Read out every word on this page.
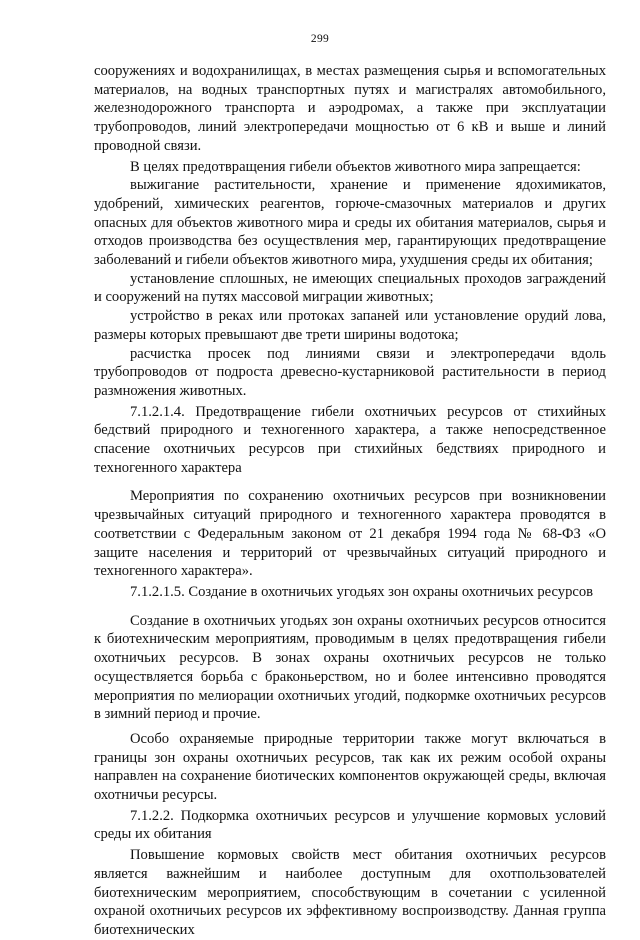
299

сооружениях и водохранилищах, в местах размещения сырья и вспомогательных материалов, на водных транспортных путях и магистралях автомобильного, железнодорожного транспорта и аэродромах, а также при эксплуатации трубопроводов, линий электропередачи мощностью от 6 кВ и выше и линий проводной связи.

В целях предотвращения гибели объектов животного мира запрещается:

выжигание растительности, хранение и применение ядохимикатов, удобрений, химических реагентов, горюче-смазочных материалов и других опасных для объектов животного мира и среды их обитания материалов, сырья и отходов производства без осуществления мер, гарантирующих предотвращение заболеваний и гибели объектов животного мира, ухудшения среды их обитания;

установление сплошных, не имеющих специальных проходов заграждений и сооружений на путях массовой миграции животных;

устройство в реках или протоках запаней или установление орудий лова, размеры которых превышают две трети ширины водотока;

расчистка просек под линиями связи и электропередачи вдоль трубопроводов от подроста древесно-кустарниковой растительности в период размножения животных.

7.1.2.1.4. Предотвращение гибели охотничьих ресурсов от стихийных бедствий природного и техногенного характера, а также непосредственное спасение охотничьих ресурсов при стихийных бедствиях природного и техногенного характера

Мероприятия по сохранению охотничьих ресурсов при возникновении чрезвычайных ситуаций природного и техногенного характера проводятся в соответствии с Федеральным законом от 21 декабря 1994 года № 68-ФЗ «О защите населения и территорий от чрезвычайных ситуаций природного и техногенного характера».

7.1.2.1.5. Создание в охотничьих угодьях зон охраны охотничьих ресурсов

Создание в охотничьих угодьях зон охраны охотничьих ресурсов относится к биотехническим мероприятиям, проводимым в целях предотвращения гибели охотничьих ресурсов. В зонах охраны охотничьих ресурсов не только осуществляется борьба с браконьерством, но и более интенсивно проводятся мероприятия по мелиорации охотничьих угодий, подкормке охотничьих ресурсов в зимний период и прочие.

Особо охраняемые природные территории также могут включаться в границы зон охраны охотничьих ресурсов, так как их режим особой охраны направлен на сохранение биотических компонентов окружающей среды, включая охотничьи ресурсы.

7.1.2.2. Подкормка охотничьих ресурсов и улучшение кормовых условий среды их обитания

Повышение кормовых свойств мест обитания охотничьих ресурсов является важнейшим и наиболее доступным для охотпользователей биотехническим мероприятием, способствующим в сочетании с усиленной охраной охотничьих ресурсов их эффективному воспроизводству. Данная группа биотехнических
